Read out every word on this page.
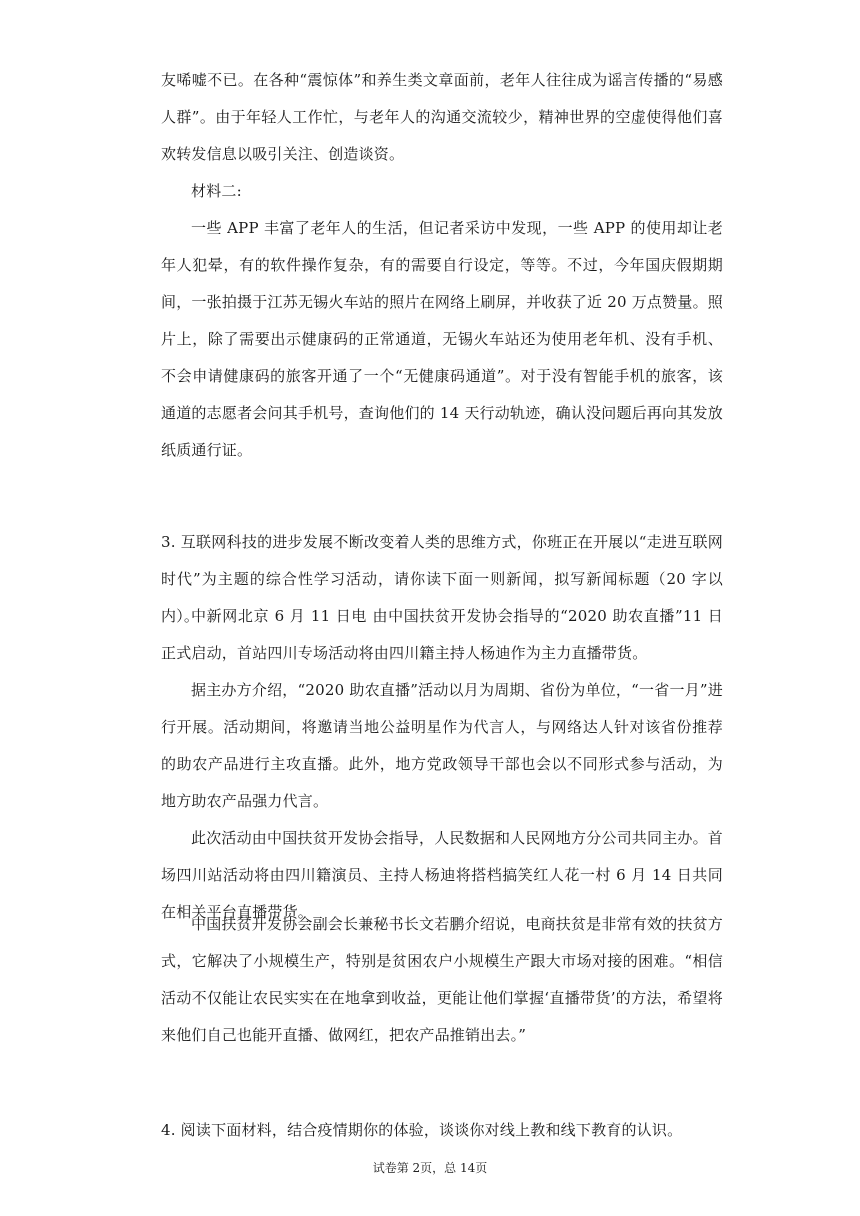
友唏嘘不已。在各种“震惊体”和养生类文章面前，老年人往往成为谣言传播的“易感人群”。由于年轻人工作忙，与老年人的沟通交流较少，精神世界的空虚使得他们喜欢转发信息以吸引关注、创造谈资。
材料二:
一些 APP 丰富了老年人的生活，但记者采访中发现，一些 APP 的使用却让老年人犯晕，有的软件操作复杂，有的需要自行设定，等等。不过，今年国庆假期期间，一张拍摄于江苏无锡火车站的照片在网络上刷屏，并收获了近 20 万点赞量。照片上，除了需要出示健康码的正常通道，无锡火车站还为使用老年机、没有手机、不会申请健康码的旅客开通了一个“无健康码通道”。对于没有智能手机的旅客，该通道的志愿者会问其手机号，查询他们的 14 天行动轨迹，确认没问题后再向其发放纸质通行证。
3. 互联网科技的进步发展不断改变着人类的思维方式，你班正在开展以“走进互联网时代”为主题的综合性学习活动，请你读下面一则新闻，拟写新闻标题（20 字以内）。
中新网北京 6 月 11 日电 由中国扶贫开发协会指导的“2020 助农直播”11 日正式启动，首站四川专场活动将由四川籍主持人杨迪作为主力直播带货。
据主办方介绍，“2020 助农直播”活动以月为周期、省份为单位，“一省一月”进行开展。活动期间，将邀请当地公益明星作为代言人，与网络达人针对该省份推荐的助农产品进行主攻直播。此外，地方党政领导干部也会以不同形式参与活动，为地方助农产品强力代言。
此次活动由中国扶贫开发协会指导，人民数据和人民网地方分公司共同主办。首场四川站活动将由四川籍演员、主持人杨迪将搭档搞笑红人花一村 6 月 14 日共同在相关平台直播带货。
中国扶贫开发协会副会长兼秘书长文若鹏介绍说，电商扶贫是非常有效的扶贫方式，它解决了小规模生产，特别是贫困农户小规模生产跟大市场对接的困难。“相信活动不仅能让农民实实在在地拿到收益，更能让他们掌握‘直播带货’的方法，希望将来他们自己也能开直播、做网红，把农产品推销出去。”
4. 阅读下面材料，结合疫情期你的体验，谈谈你对线上教和线下教育的认识。
试卷第 2页，总 14页
